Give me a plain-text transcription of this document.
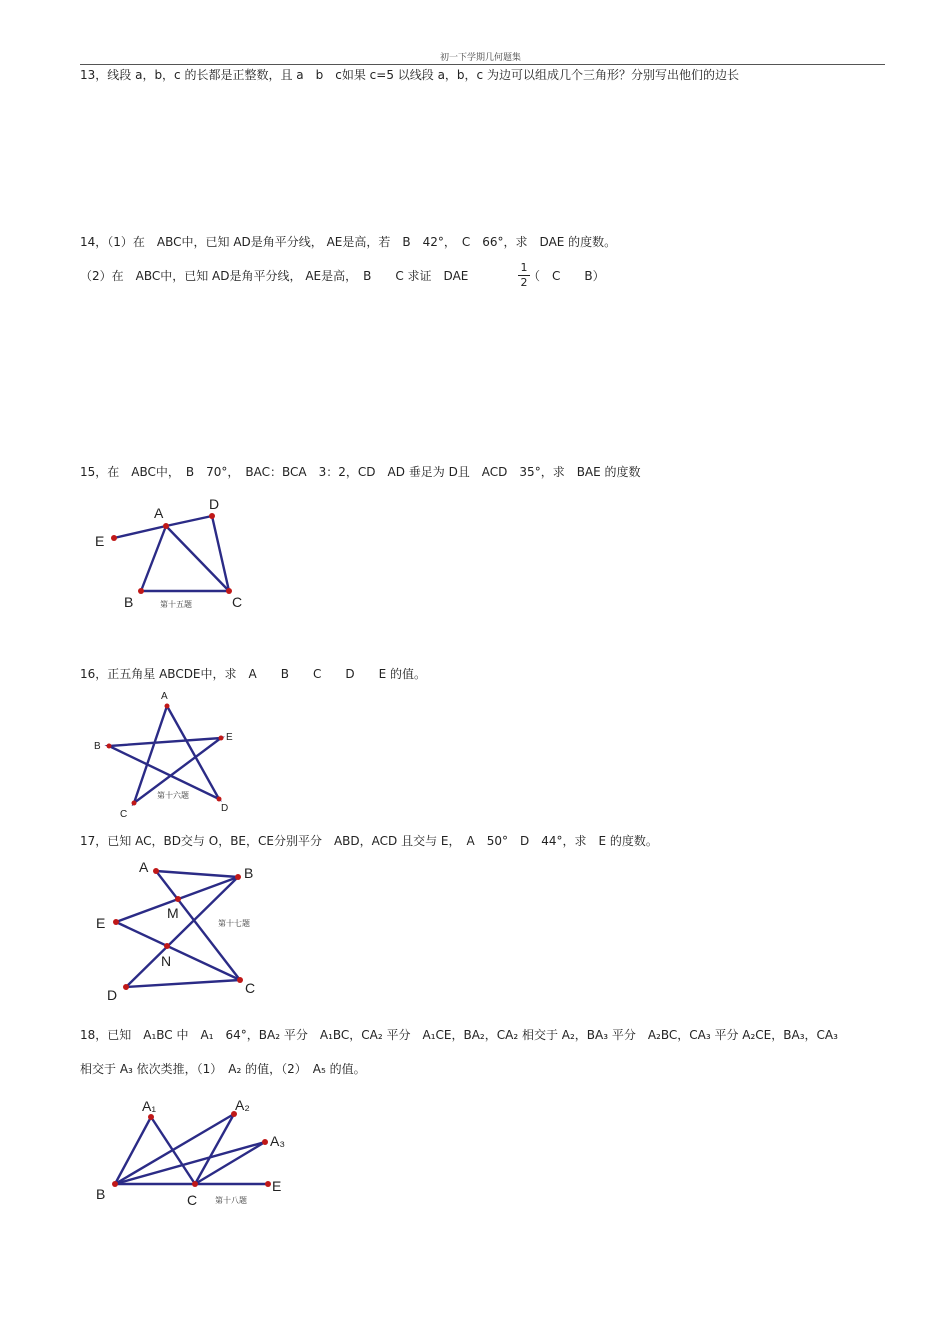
初一下学期几何题集
13，线段 a，b，c 的长都是正整数，且 a　b　c如果 c=5 以线段 a，b，c 为边可以组成几个三角形？分别写出他们的边长
14，（1）在　ABC中，已知 AD是角平分线， AE是高，若　B　42°，　C　66°，求　DAE 的度数。
（2）在　ABC中，已知 AD是角平分线， AE是高，　B　　C 求证　DAE
1
2 （　C　　B）
15，在　ABC中，　B　70°，　BAC：BCA　3：2，CD　AD 垂足为 D且　ACD　35°，求　BAE 的度数
A
D
E
B	C
第十五题
16，正五角星 ABCDE中，求　A　　B　　C　　D　　E 的值。
A
B
E
C
D
第十六题
17，已知 AC，BD交与 O，BE，CE分别平分　ABD，ACD 且交与 E，　A　50°　D　44°，求　E 的度数。
A	B
M
E
N
D	C
第十七题
18，已知　A₁BC 中　A₁　64°，BA₂ 平分　A₁BC，CA₂ 平分　A₁CE，BA₂，CA₂ 相交于 A₂，BA₃ 平分　A₂BC，CA₃ 平分 A₂CE，BA₃，CA₃
相交于 A₃ 依次类推，（1）　A₂ 的值，（2）　A₅ 的值。
A₁	A₂
A₃
B	C
E
第十八题
